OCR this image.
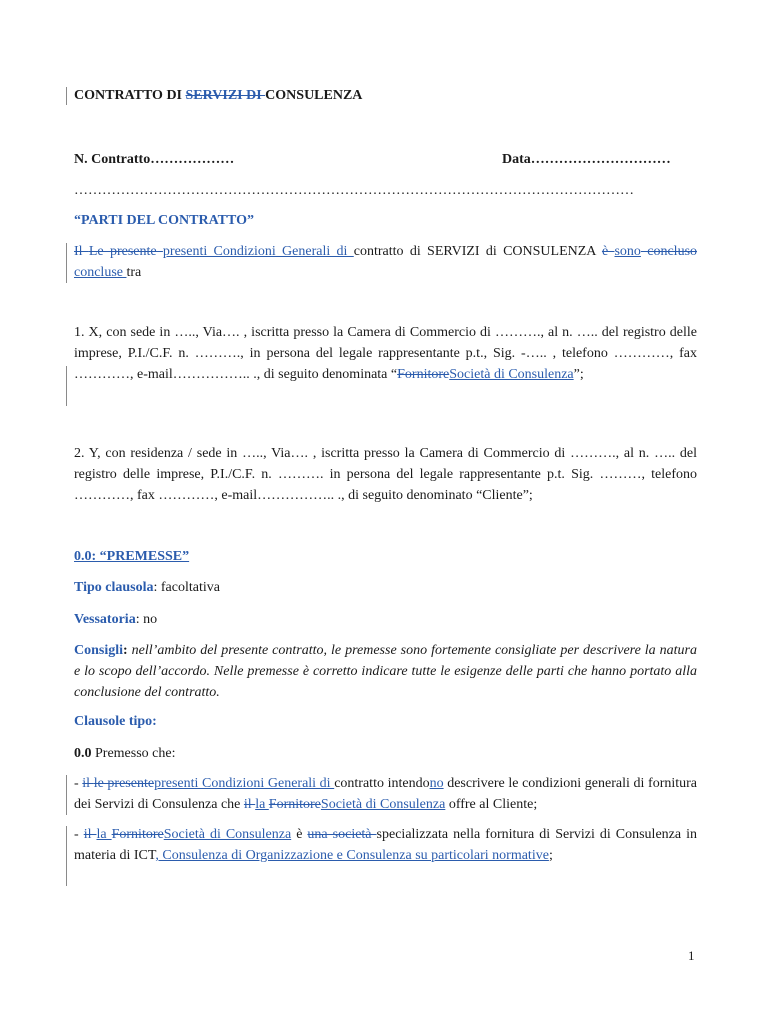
CONTRATTO DI SERVIZI DI CONSULENZA
N. Contratto………………	Data…………………………
…………………………………………………………………………………………………………
“PARTI DEL CONTRATTO”
Il Le presente presenti Condizioni Generali di contratto di SERVIZI di CONSULENZA è sono concluso concluse tra
1. X, con sede in ….., Via…. , iscritta presso la Camera di Commercio di ………., al n. ….. del registro delle imprese, P.I./C.F. n. ………., in persona del legale rappresentante p.t., Sig. -….. , telefono …………, fax …………, e-mail…………….. ., di seguito denominata “FornitoreSocietà di Consulenza”;
2. Y, con residenza / sede in ….., Via…. , iscritta presso la Camera di Commercio di ………., al n. ….. del registro delle imprese, P.I./C.F. n. ………. in persona del legale rappresentante p.t. Sig. ………, telefono …………, fax …………, e-mail…………….. ., di seguito denominato “Cliente”;
0.0: “PREMESSE”
Tipo clausola: facoltativa
Vessatoria: no
Consigli: nell’ambito del presente contratto, le premesse sono fortemente consigliate per descrivere la natura e lo scopo dell’accordo. Nelle premesse è corretto indicare tutte le esigenze delle parti che hanno portato alla conclusione del contratto.
Clausole tipo:
0.0 Premesso che:
- il le presentepresenti Condizioni Generali di contratto intendono descrivere le condizioni generali di fornitura dei Servizi di Consulenza che il la FornitoreSocietà di Consulenza offre al Cliente;
- il la FornitoreSocietà di Consulenza è una società specializzata nella fornitura di Servizi di Consulenza in materia di ICT, Consulenza di Organizzazione e Consulenza su particolari normative;
1
